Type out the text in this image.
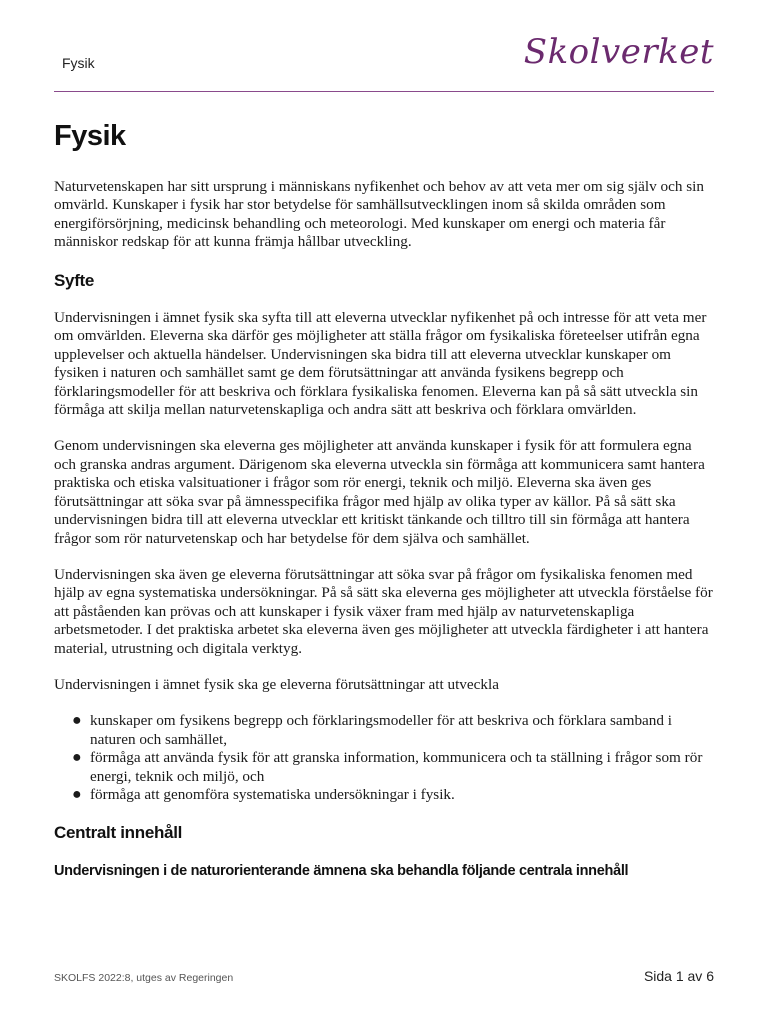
Fysik	Skolverket
Fysik

Naturvetenskapen har sitt ursprung i människans nyfikenhet och behov av att veta mer om sig själv och sin omvärld. Kunskaper i fysik har stor betydelse för samhällsutvecklingen inom så skilda områden som energiförsörjning, medicinsk behandling och meteorologi. Med kunskaper om energi och materia får människor redskap för att kunna främja hållbar utveckling.

Syfte

Undervisningen i ämnet fysik ska syfta till att eleverna utvecklar nyfikenhet på och intresse för att veta mer om omvärlden. Eleverna ska därför ges möjligheter att ställa frågor om fysikaliska företeelser utifrån egna upplevelser och aktuella händelser. Undervisningen ska bidra till att eleverna utvecklar kunskaper om fysiken i naturen och samhället samt ge dem förutsättningar att använda fysikens begrepp och förklaringsmodeller för att beskriva och förklara fysikaliska fenomen. Eleverna kan på så sätt utveckla sin förmåga att skilja mellan naturvetenskapliga och andra sätt att beskriva och förklara omvärlden.

Genom undervisningen ska eleverna ges möjligheter att använda kunskaper i fysik för att formulera egna och granska andras argument. Därigenom ska eleverna utveckla sin förmåga att kommunicera samt hantera praktiska och etiska valsituationer i frågor som rör energi, teknik och miljö. Eleverna ska även ges förutsättningar att söka svar på ämnesspecifika frågor med hjälp av olika typer av källor. På så sätt ska undervisningen bidra till att eleverna utvecklar ett kritiskt tänkande och tilltro till sin förmåga att hantera frågor som rör naturvetenskap och har betydelse för dem själva och samhället.

Undervisningen ska även ge eleverna förutsättningar att söka svar på frågor om fysikaliska fenomen med hjälp av egna systematiska undersökningar. På så sätt ska eleverna ges möjligheter att utveckla förståelse för att påståenden kan prövas och att kunskaper i fysik växer fram med hjälp av naturvetenskapliga arbetsmetoder. I det praktiska arbetet ska eleverna även ges möjligheter att utveckla färdigheter i att hantera material, utrustning och digitala verktyg.

Undervisningen i ämnet fysik ska ge eleverna förutsättningar att utveckla

● kunskaper om fysikens begrepp och förklaringsmodeller för att beskriva och förklara samband i naturen och samhället,
● förmåga att använda fysik för att granska information, kommunicera och ta ställning i frågor som rör energi, teknik och miljö, och
● förmåga att genomföra systematiska undersökningar i fysik.
Centralt innehåll
Undervisningen i de naturorienterande ämnena ska behandla följande centrala innehåll
SKOLFS 2022:8, utges av Regeringen	Sida 1 av 6
